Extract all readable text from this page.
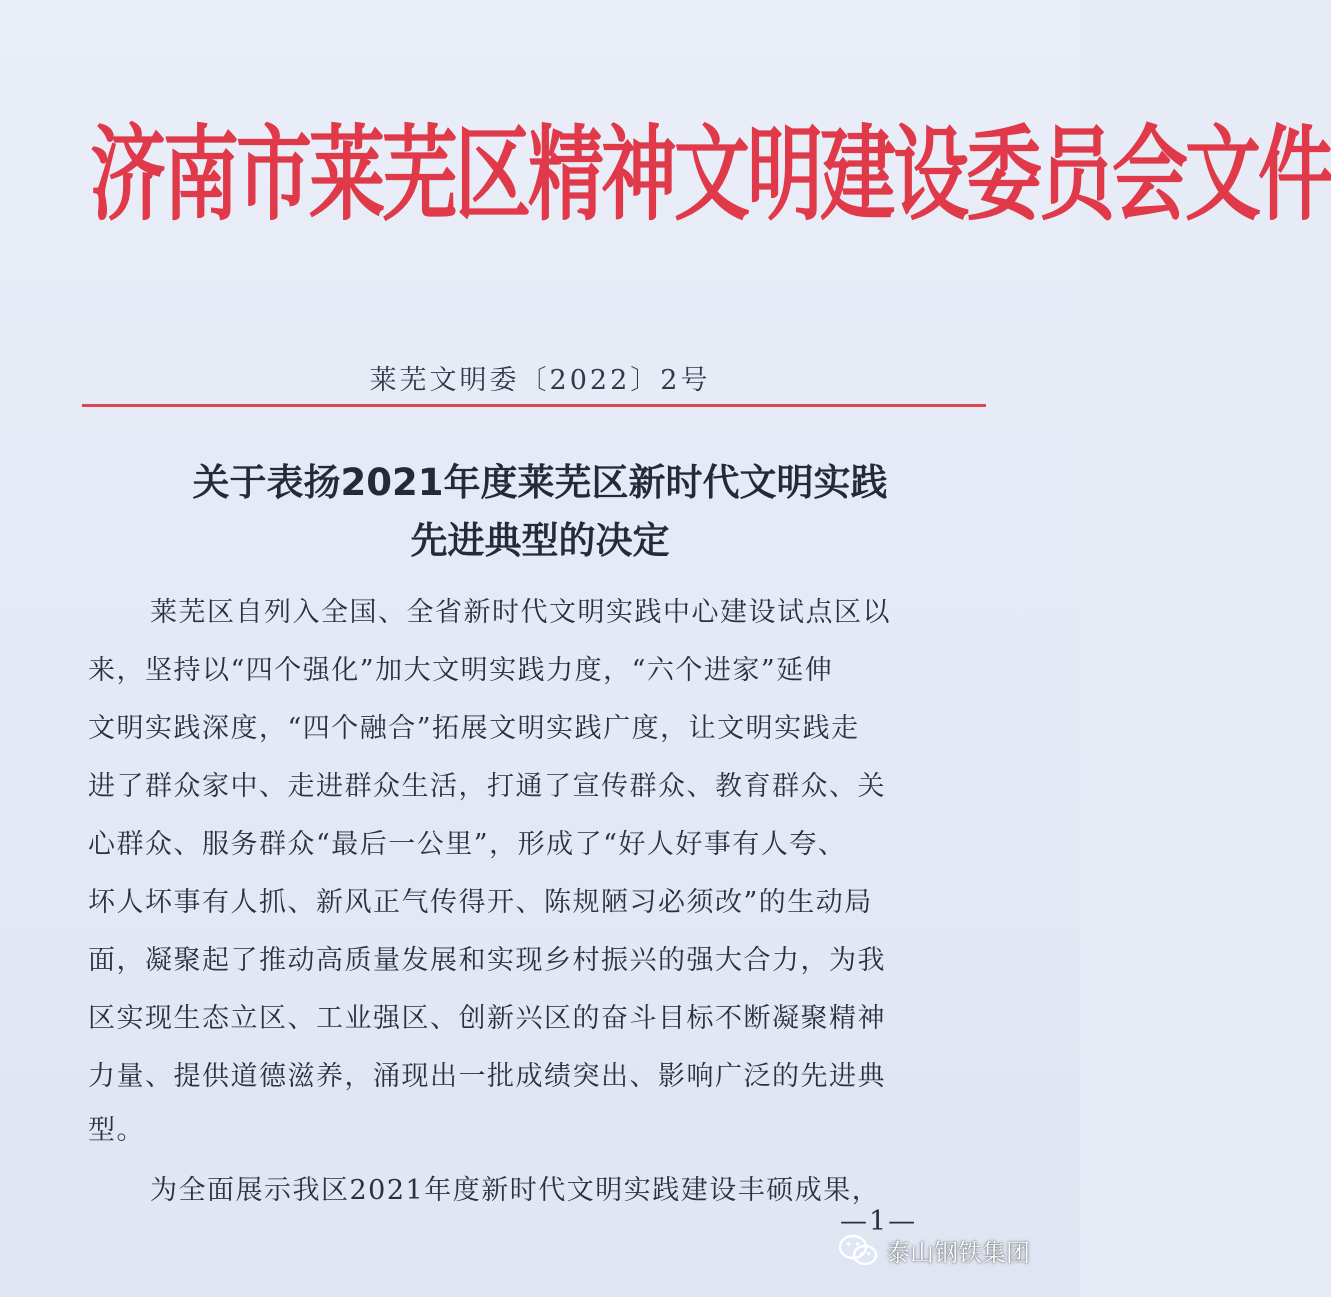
济南市莱芜区精神文明建设委员会文件
莱芜文明委〔2022〕2号
关于表扬2021年度莱芜区新时代文明实践
先进典型的决定
莱芜区自列入全国、全省新时代文明实践中心建设试点区以
来，坚持以“四个强化”加大文明实践力度，“六个进家”延伸
文明实践深度，“四个融合”拓展文明实践广度，让文明实践走
进了群众家中、走进群众生活，打通了宣传群众、教育群众、关
心群众、服务群众“最后一公里”，形成了“好人好事有人夸、
坏人坏事有人抓、新风正气传得开、陈规陋习必须改”的生动局
面，凝聚起了推动高质量发展和实现乡村振兴的强大合力，为我
区实现生态立区、工业强区、创新兴区的奋斗目标不断凝聚精神
力量、提供道德滋养，涌现出一批成绩突出、影响广泛的先进典
型。
为全面展示我区2021年度新时代文明实践建设丰硕成果，
—1—
泰山钢铁集团
